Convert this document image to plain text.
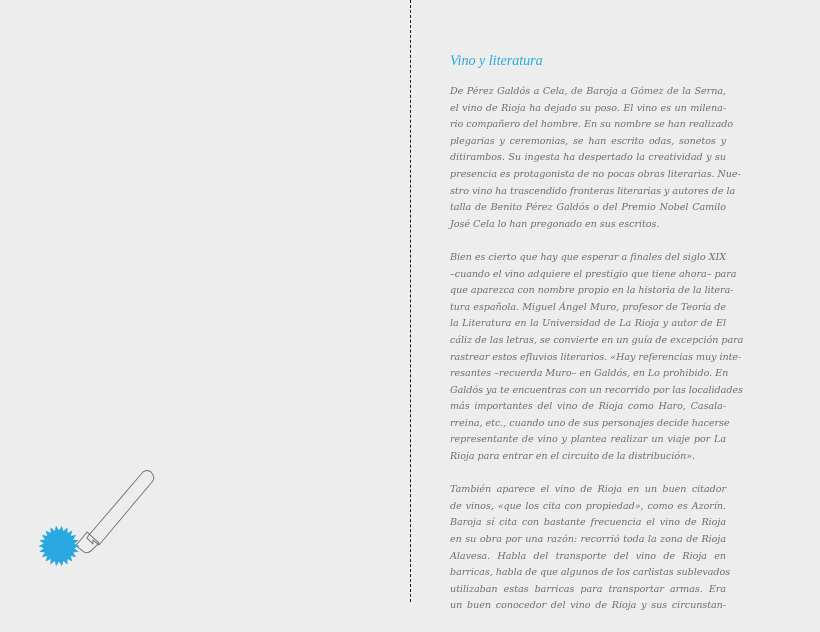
Vino y literatura
De Pérez Galdós a Cela, de Baroja a Gómez de la Serna,
el vino de Rioja ha dejado su poso. El vino es un milena-
rio compañero del hombre. En su nombre se han realizado
plegarias y ceremonias, se han escrito odas, sonetos y
ditirambos. Su ingesta ha despertado la creatividad y su
presencia es protagonista de no pocas obras literarias. Nue-
stro vino ha trascendido fronteras literarias y autores de la
talla de Benito Pérez Galdós o del Premio Nobel Camilo
José Cela lo han pregonado en sus escritos.
Bien es cierto que hay que esperar a finales del siglo XIX
–cuando el vino adquiere el prestigio que tiene ahora– para
que aparezca con nombre propio en la historia de la litera-
tura española. Miguel Ángel Muro, profesor de Teoría de
la Literatura en la Universidad de La Rioja y autor de El
cáliz de las letras, se convierte en un guía de excepción para
rastrear estos efluvios literarios. «Hay referencias muy inte-
resantes –recuerda Muro– en Galdós, en Lo prohibido. En
Galdós ya te encuentras con un recorrido por las localidades
más importantes del vino de Rioja como Haro, Casala-
rreina, etc., cuando uno de sus personajes decide hacerse
representante de vino y plantea realizar un viaje por La
Rioja para entrar en el circuito de la distribución».
También aparece el vino de Rioja en un buen citador
de vinos, «que los cita con propiedad», como es Azorín.
Baroja sí cita con bastante frecuencia el vino de Rioja
en su obra por una razón: recorrió toda la zona de Rioja
Alavesa. Habla del transporte del vino de Rioja en
barricas, habla de que algunos de los carlistas sublevados
utilizaban estas barricas para transportar armas. Era
un buen conocedor del vino de Rioja y sus circunstan-
